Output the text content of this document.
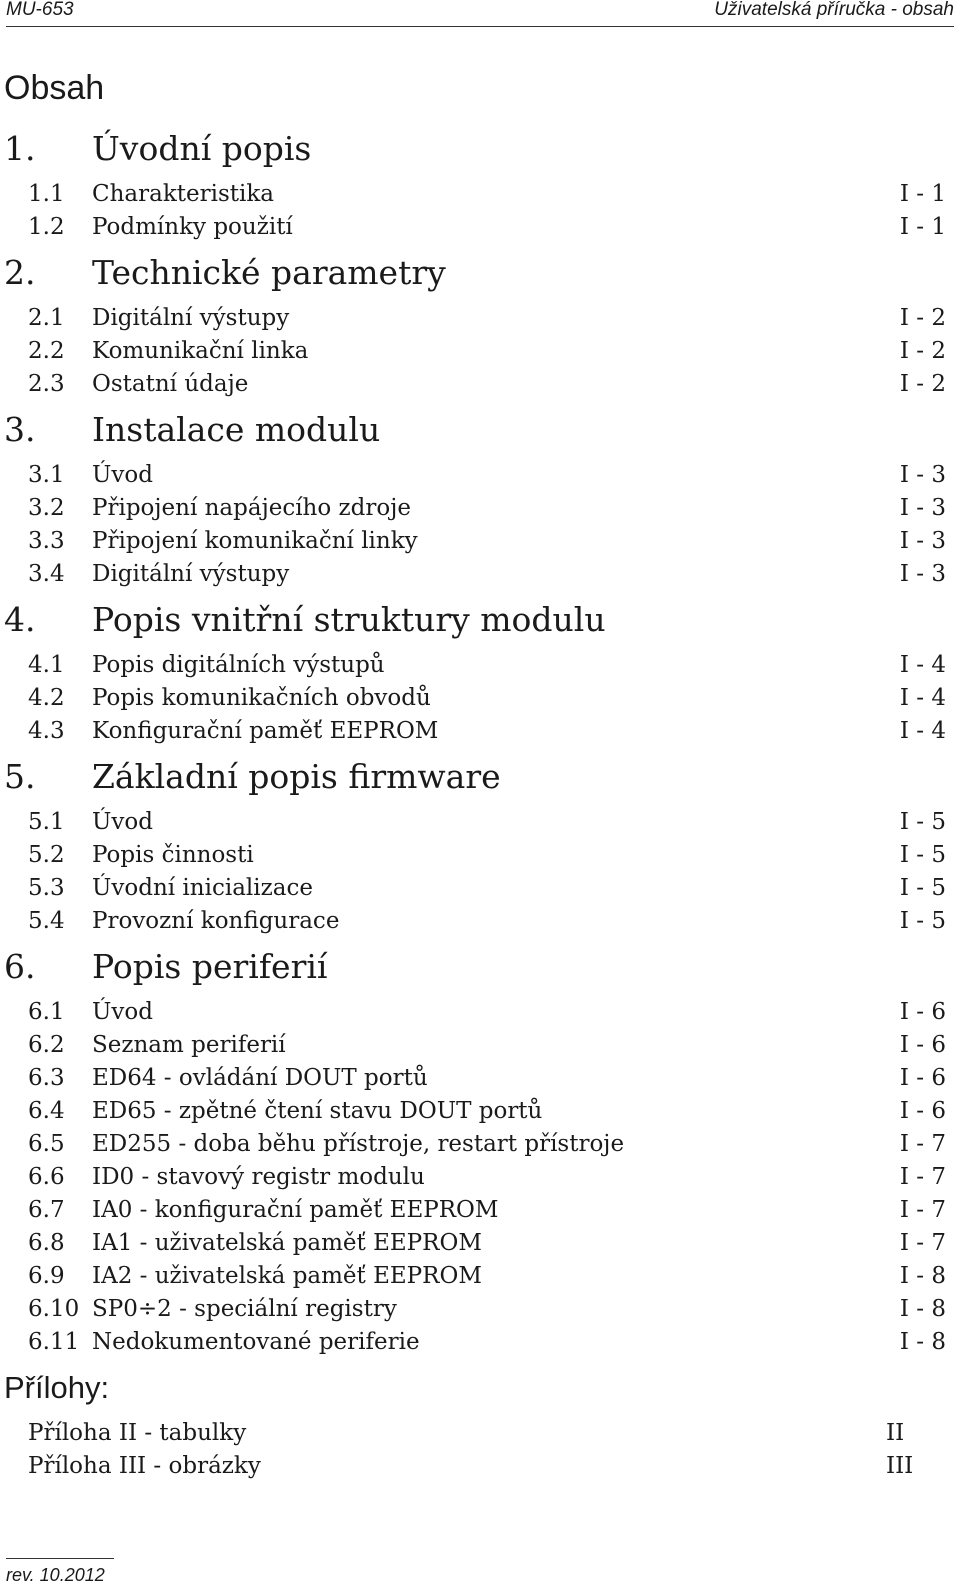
MU-653	Uživatelská příručka - obsah
Obsah
1. Úvodní popis
1.1 Charakteristika	I - 1
1.2 Podmínky použití	I - 1
2. Technické parametry
2.1 Digitální výstupy	I - 2
2.2 Komunikační linka	I - 2
2.3 Ostatní údaje	I - 2
3. Instalace modulu
3.1 Úvod	I - 3
3.2 Připojení napájecího zdroje	I - 3
3.3 Připojení komunikační linky	I - 3
3.4 Digitální výstupy	I - 3
4. Popis vnitřní struktury modulu
4.1 Popis digitálních výstupů	I - 4
4.2 Popis komunikačních obvodů	I - 4
4.3 Konfigurační paměť EEPROM	I - 4
5. Základní popis firmware
5.1 Úvod	I - 5
5.2 Popis činnosti	I - 5
5.3 Úvodní inicializace	I - 5
5.4 Provozní konfigurace	I - 5
6. Popis periferií
6.1 Úvod	I - 6
6.2 Seznam periferií	I - 6
6.3 ED64 - ovládání DOUT portů	I - 6
6.4 ED65 - zpětné čtení stavu DOUT portů	I - 6
6.5 ED255 - doba běhu přístroje, restart přístroje	I - 7
6.6 ID0 - stavový registr modulu	I - 7
6.7 IA0 - konfigurační paměť EEPROM	I - 7
6.8 IA1 - uživatelská paměť EEPROM	I - 7
6.9 IA2 - uživatelská paměť EEPROM	I - 8
6.10 SP0÷2 - speciální registry	I - 8
6.11 Nedokumentované periferie	I - 8
Přílohy:
Příloha II - tabulky	II
Příloha III - obrázky	III
rev. 10.2012
